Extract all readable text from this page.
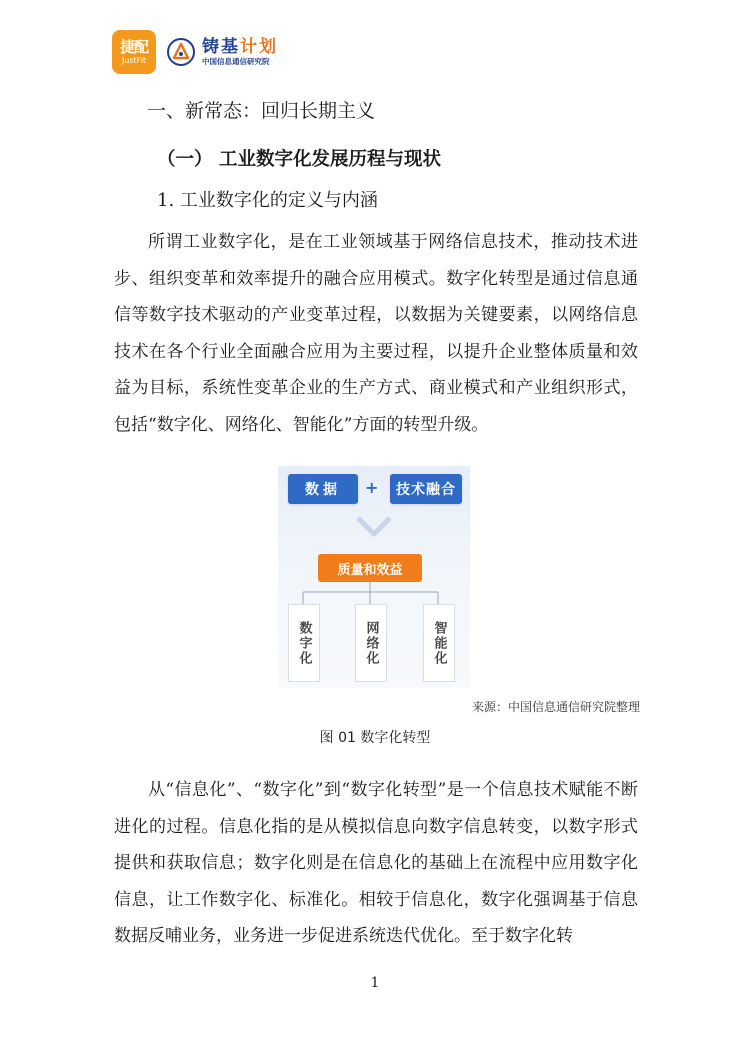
捷配
JustFit
铸基计划
中国信息通信研究院
一、新常态：回归长期主义
（一） 工业数字化发展历程与现状
1. 工业数字化的定义与内涵

所谓工业数字化，是在工业领域基于网络信息技术，推动技术进步、组织变革和效率提升的融合应用模式。数字化转型是通过信息通信等数字技术驱动的产业变革过程，以数据为关键要素，以网络信息技术在各个行业全面融合应用为主要过程，以提升企业整体质量和效益为目标，系统性变革企业的生产方式、商业模式和产业组织形式，包括“数字化、网络化、智能化”方面的转型升级。

数据	+	技术融合
质量和效益
数字化	网络化	智能化
来源：中国信息通信研究院整理
图 01 数字化转型

从“信息化”、“数字化”到“数字化转型”是一个信息技术赋能不断进化的过程。信息化指的是从模拟信息向数字信息转变，以数字形式提供和获取信息；数字化则是在信息化的基础上在流程中应用数字化信息，让工作数字化、标准化。相较于信息化，数字化强调基于信息数据反哺业务，业务进一步促进系统迭代优化。至于数字化转

1
